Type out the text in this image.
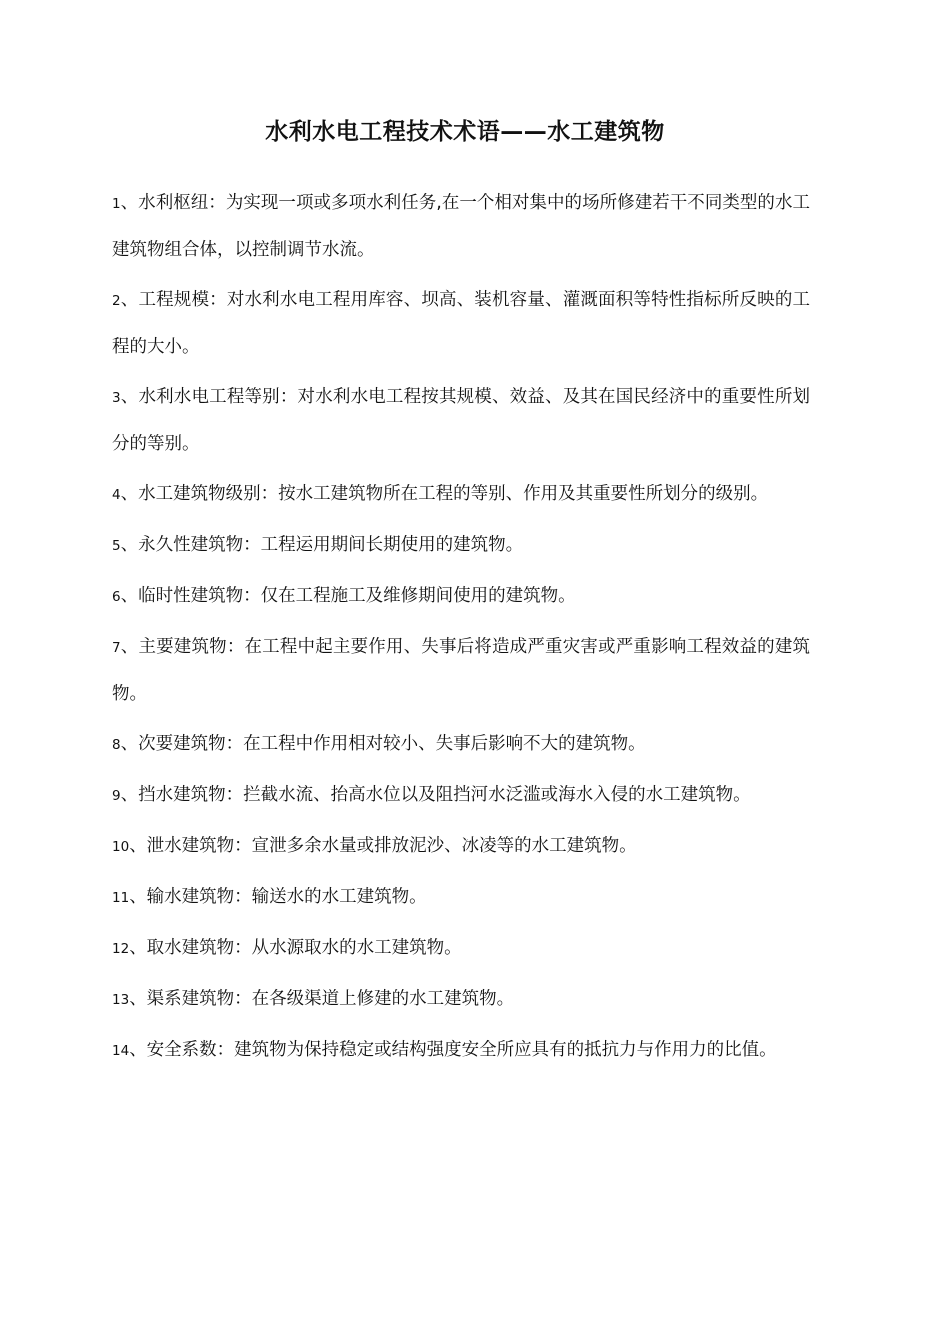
水利水电工程技术术语——水工建筑物
1、水利枢纽：为实现一项或多项水利任务,在一个相对集中的场所修建若干不同类型的水工建筑物组合体，以控制调节水流。
2、工程规模：对水利水电工程用库容、坝高、装机容量、灌溉面积等特性指标所反映的工程的大小。
3、水利水电工程等别：对水利水电工程按其规模、效益、及其在国民经济中的重要性所划分的等别。
4、水工建筑物级别：按水工建筑物所在工程的等别、作用及其重要性所划分的级别。
5、永久性建筑物：工程运用期间长期使用的建筑物。
6、临时性建筑物：仅在工程施工及维修期间使用的建筑物。
7、主要建筑物：在工程中起主要作用、失事后将造成严重灾害或严重影响工程效益的建筑物。
8、次要建筑物：在工程中作用相对较小、失事后影响不大的建筑物。
9、挡水建筑物：拦截水流、抬高水位以及阻挡河水泛滥或海水入侵的水工建筑物。
10、泄水建筑物：宣泄多余水量或排放泥沙、冰凌等的水工建筑物。
11、输水建筑物：输送水的水工建筑物。
12、取水建筑物：从水源取水的水工建筑物。
13、渠系建筑物：在各级渠道上修建的水工建筑物。
14、安全系数：建筑物为保持稳定或结构强度安全所应具有的抵抗力与作用力的比值。
